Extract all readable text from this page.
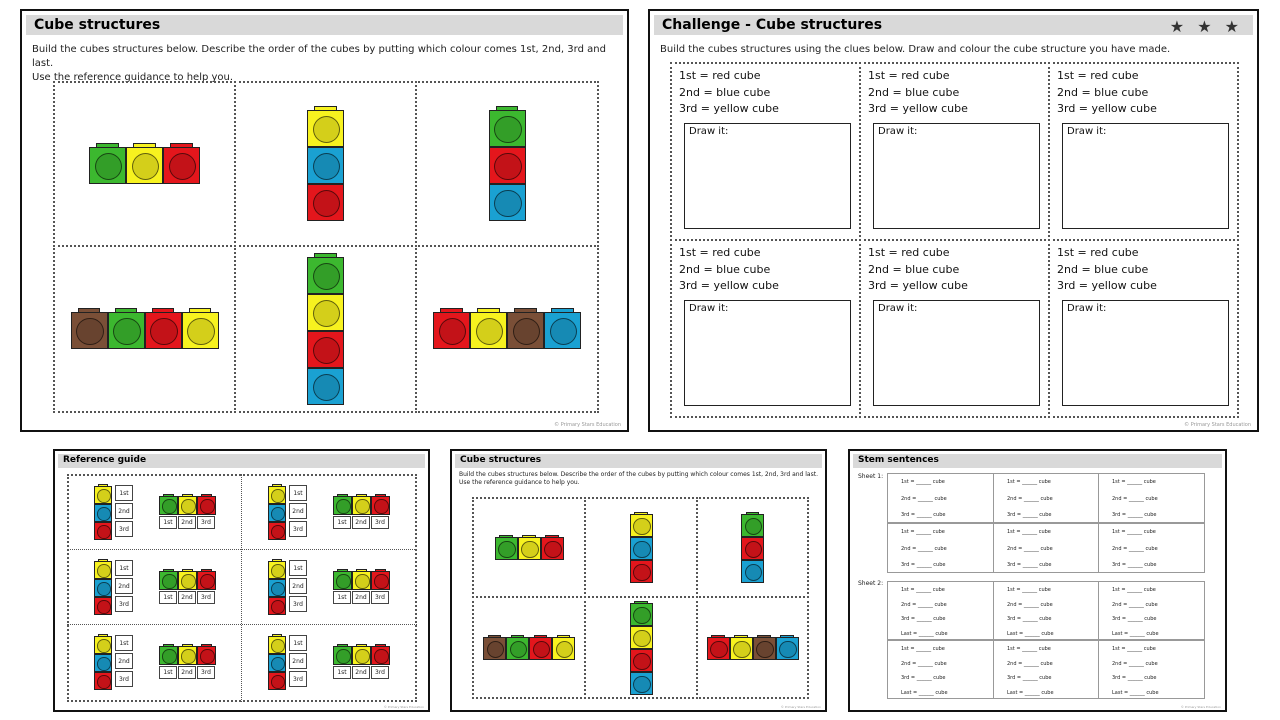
Cube structures
Build the cubes structures below. Describe the order of the cubes by putting which colour comes 1st, 2nd, 3rd and last.
Use the reference guidance to help you.
© Primary Stars Education
Challenge - Cube structures	★ ★ ★
Build the cubes structures using the clues below. Draw and colour the cube structure you have made.
© Primary Stars Education
1st = red cube
2nd = blue cube
3rd = yellow cube
Draw it:
1st = red cube
2nd = blue cube
3rd = yellow cube
Draw it:
1st = red cube
2nd = blue cube
3rd = yellow cube
Draw it:
1st = red cube
2nd = blue cube
3rd = yellow cube
Draw it:
1st = red cube
2nd = blue cube
3rd = yellow cube
Draw it:
1st = red cube
2nd = blue cube
3rd = yellow cube
Draw it:
Reference guide
© Primary Stars Education
1st
2nd
3rd
1st	2nd	3rd
1st
2nd
3rd
1st	2nd	3rd
1st
2nd
3rd
1st	2nd	3rd
1st
2nd
3rd
1st	2nd	3rd
1st
2nd
3rd
1st	2nd	3rd
1st
2nd
3rd
1st	2nd	3rd
Cube structures
Build the cubes structures below. Describe the order of the cubes by putting which colour comes 1st, 2nd, 3rd and last.
Use the reference guidance to help you.
© Primary Stars Education
Stem sentences
Sheet 1:
Sheet 2:
© Primary Stars Education
1st = ______ cube
2nd = ______ cube
3rd = ______ cube
1st = ______ cube
2nd = ______ cube
3rd = ______ cube
1st = ______ cube
2nd = ______ cube
3rd = ______ cube
1st = ______ cube
2nd = ______ cube
3rd = ______ cube
1st = ______ cube
2nd = ______ cube
3rd = ______ cube
1st = ______ cube
2nd = ______ cube
3rd = ______ cube
1st = ______ cube
2nd = ______ cube
3rd = ______ cube
Last = ______ cube
1st = ______ cube
2nd = ______ cube
3rd = ______ cube
Last = ______ cube
1st = ______ cube
2nd = ______ cube
3rd = ______ cube
Last = ______ cube
1st = ______ cube
2nd = ______ cube
3rd = ______ cube
Last = ______ cube
1st = ______ cube
2nd = ______ cube
3rd = ______ cube
Last = ______ cube
1st = ______ cube
2nd = ______ cube
3rd = ______ cube
Last = ______ cube
